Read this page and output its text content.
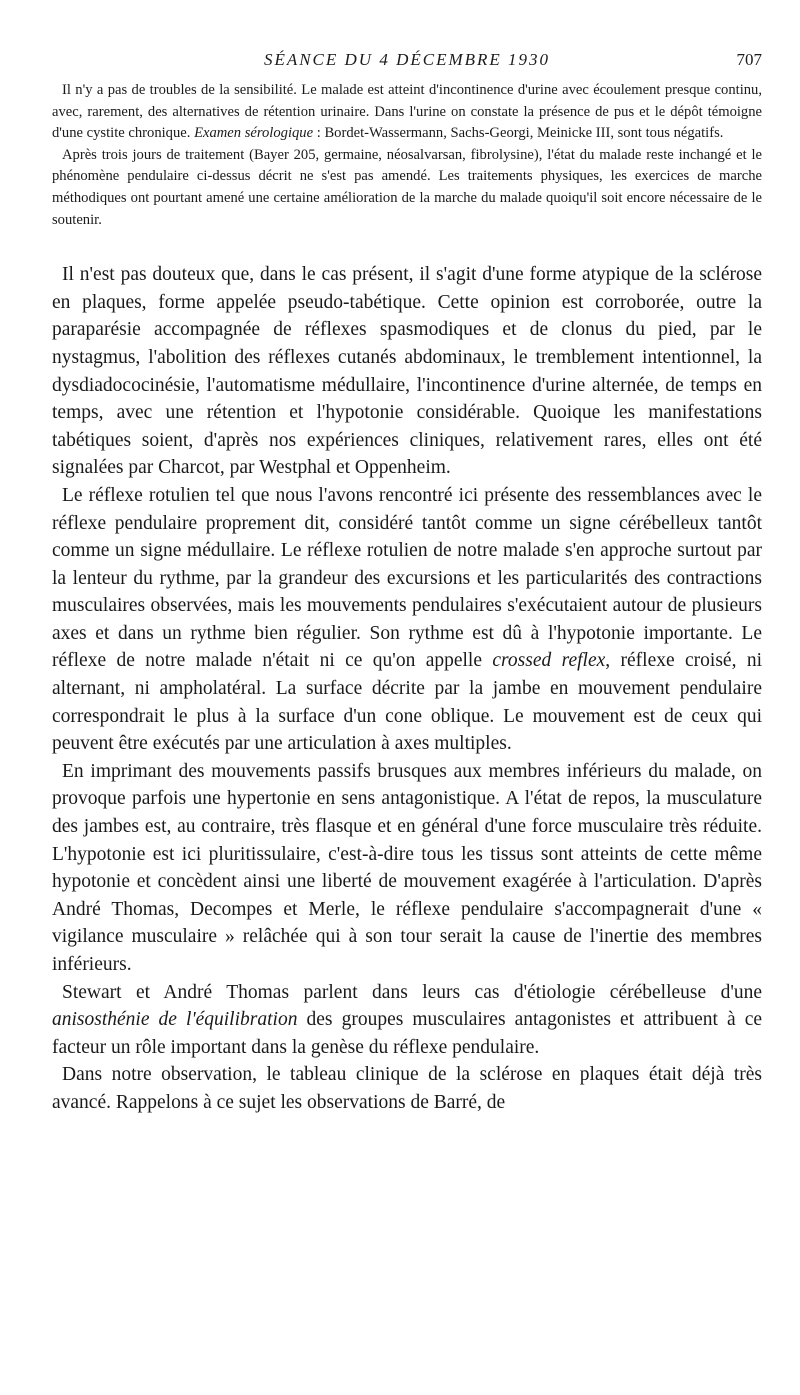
SÉANCE DU 4 DÉCEMBRE 1930	707

Il n'y a pas de troubles de la sensibilité. Le malade est atteint d'incontinence d'urine avec écoulement presque continu, avec, rarement, des alternatives de rétention urinaire. Dans l'urine on constate la présence de pus et le dépôt témoigne d'une cystite chronique. Examen sérologique : Bordet-Wassermann, Sachs-Georgi, Meinicke III, sont tous négatifs.

Après trois jours de traitement (Bayer 205, germaine, néosalvarsan, fibrolysine), l'état du malade reste inchangé et le phénomène pendulaire ci-dessus décrit ne s'est pas amendé. Les traitements physiques, les exercices de marche méthodiques ont pourtant amené une certaine amélioration de la marche du malade quoiqu'il soit encore nécessaire de le soutenir.

Il n'est pas douteux que, dans le cas présent, il s'agit d'une forme atypique de la sclérose en plaques, forme appelée pseudo-tabétique. Cette opinion est corroborée, outre la paraparésie accompagnée de réflexes spasmodiques et de clonus du pied, par le nystagmus, l'abolition des réflexes cutanés abdominaux, le tremblement intentionnel, la dysdiadococinésie, l'automatisme médullaire, l'incontinence d'urine alternée, de temps en temps, avec une rétention et l'hypotonie considérable. Quoique les manifestations tabétiques soient, d'après nos expériences cliniques, relativement rares, elles ont été signalées par Charcot, par Westphal et Oppenheim.

Le réflexe rotulien tel que nous l'avons rencontré ici présente des ressemblances avec le réflexe pendulaire proprement dit, considéré tantôt comme un signe cérébelleux tantôt comme un signe médullaire. Le réflexe rotulien de notre malade s'en approche surtout par la lenteur du rythme, par la grandeur des excursions et les particularités des contractions musculaires observées, mais les mouvements pendulaires s'exécutaient autour de plusieurs axes et dans un rythme bien régulier. Son rythme est dû à l'hypotonie importante. Le réflexe de notre malade n'était ni ce qu'on appelle crossed reflex, réflexe croisé, ni alternant, ni ampholatéral. La surface décrite par la jambe en mouvement pendulaire correspondrait le plus à la surface d'un cone oblique. Le mouvement est de ceux qui peuvent être exécutés par une articulation à axes multiples.

En imprimant des mouvements passifs brusques aux membres inférieurs du malade, on provoque parfois une hypertonie en sens antagonistique. A l'état de repos, la musculature des jambes est, au contraire, très flasque et en général d'une force musculaire très réduite. L'hypotonie est ici pluritissulaire, c'est-à-dire tous les tissus sont atteints de cette même hypotonie et concèdent ainsi une liberté de mouvement exagérée à l'articulation. D'après André Thomas, Decompes et Merle, le réflexe pendulaire s'accompagnerait d'une « vigilance musculaire » relâchée qui à son tour serait la cause de l'inertie des membres inférieurs.

Stewart et André Thomas parlent dans leurs cas d'étiologie cérébelleuse d'une anisosthénie de l'équilibration des groupes musculaires antagonistes et attribuent à ce facteur un rôle important dans la genèse du réflexe pendulaire.

Dans notre observation, le tableau clinique de la sclérose en plaques était déjà très avancé. Rappelons à ce sujet les observations de Barré, de
